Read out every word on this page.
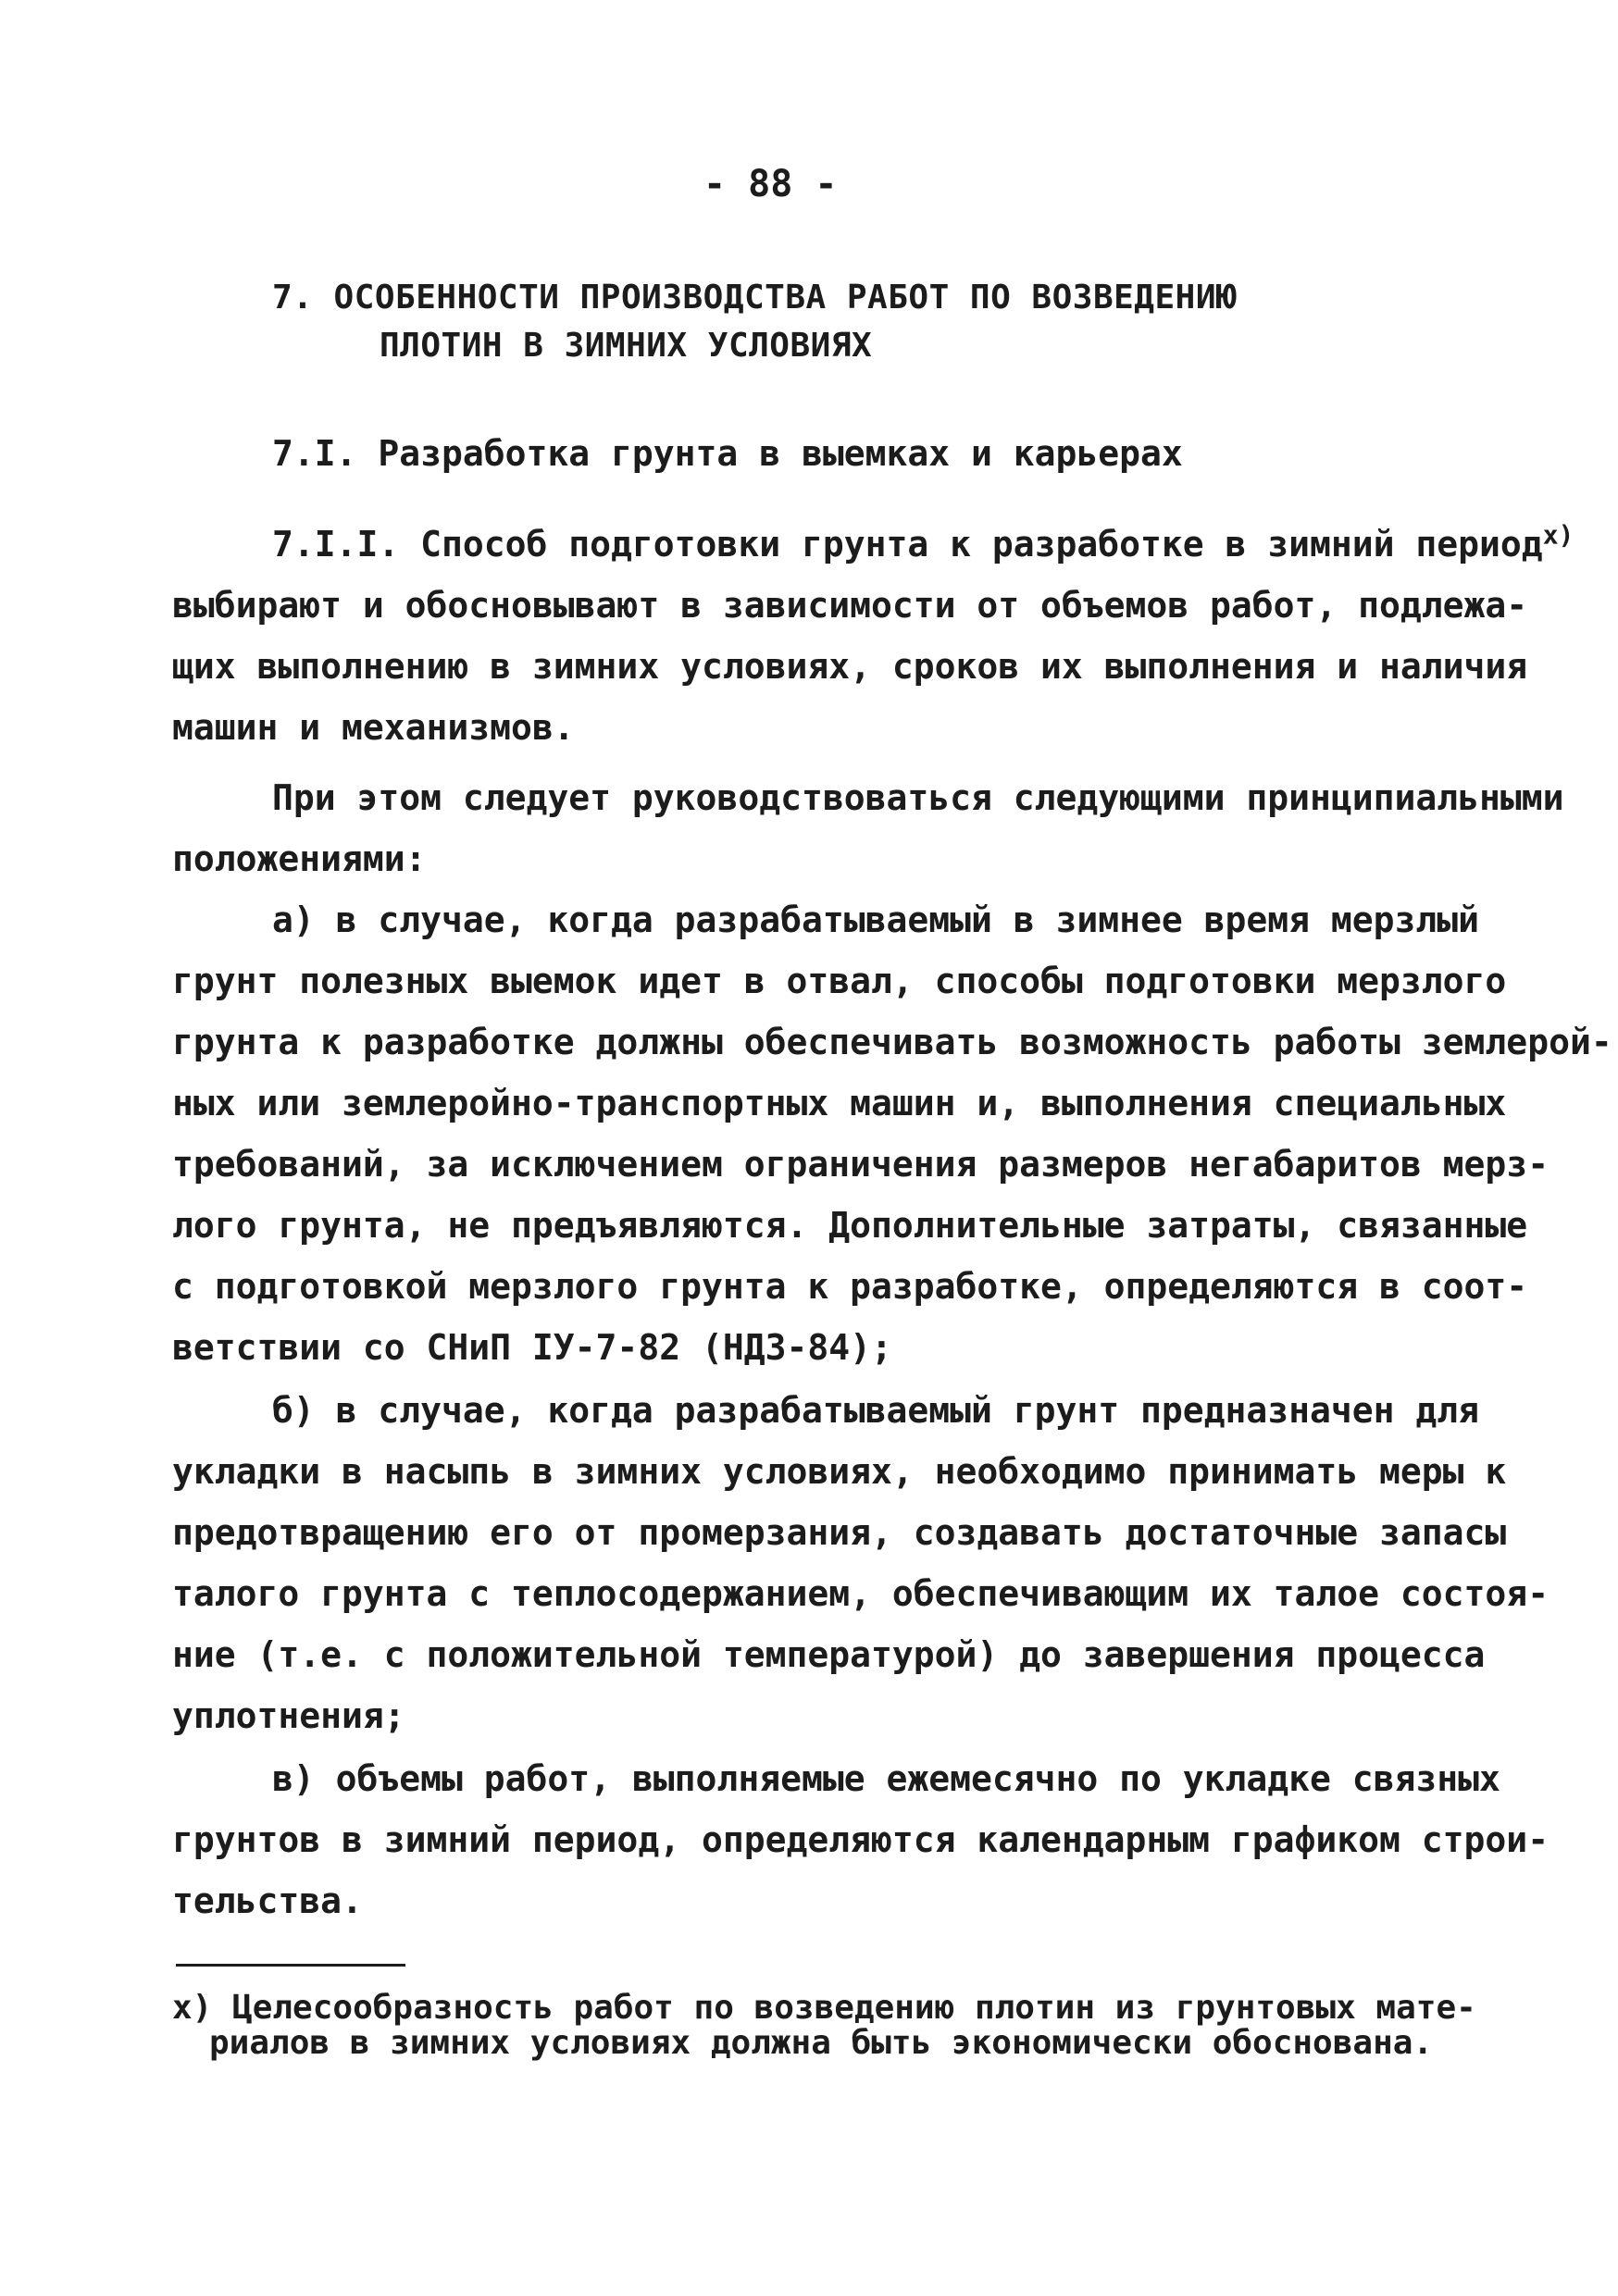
- 88 -
7. ОСОБЕННОСТИ ПРОИЗВОДСТВА РАБОТ ПО ВОЗВЕДЕНИЮ
ПЛОТИН В ЗИМНИХ УСЛОВИЯХ
7.I. Разработка грунта в выемках и карьерах
7.I.I. Способ подготовки грунта к разработке в зимний период$^{x)}$
выбирают и обосновывают в зависимости от объемов работ, подлежа-
щих выполнению в зимних условиях, сроков их выполнения и наличия
машин и механизмов.
При этом следует руководствоваться следующими принципиальными
положениями:
а) в случае, когда разрабатываемый в зимнее время мерзлый
грунт полезных выемок идет в отвал, способы подготовки мерзлого
грунта к разработке должны обеспечивать возможность работы землерой-
ных или землеройно-транспортных машин и, выполнения специальных
требований, за исключением ограничения размеров негабаритов мерз-
лого грунта, не предъявляются. Дополнительные затраты, связанные
с подготовкой мерзлого грунта к разработке, определяются в соот-
ветствии со СНиП IУ-7-82 (НДЗ-84);
б) в случае, когда разрабатываемый грунт предназначен для
укладки в насыпь в зимних условиях, необходимо принимать меры к
предотвращению его от промерзания, создавать достаточные запасы
талого грунта с теплосодержанием, обеспечивающим их талое состоя-
ние (т.е. с положительной температурой) до завершения процесса
уплотнения;
в) объемы работ, выполняемые ежемесячно по укладке связных
грунтов в зимний период, определяются календарным графиком строи-
тельства.
х) Целесообразность работ по возведению плотин из грунтовых мате-
риалов в зимних условиях должна быть экономически обоснована.
